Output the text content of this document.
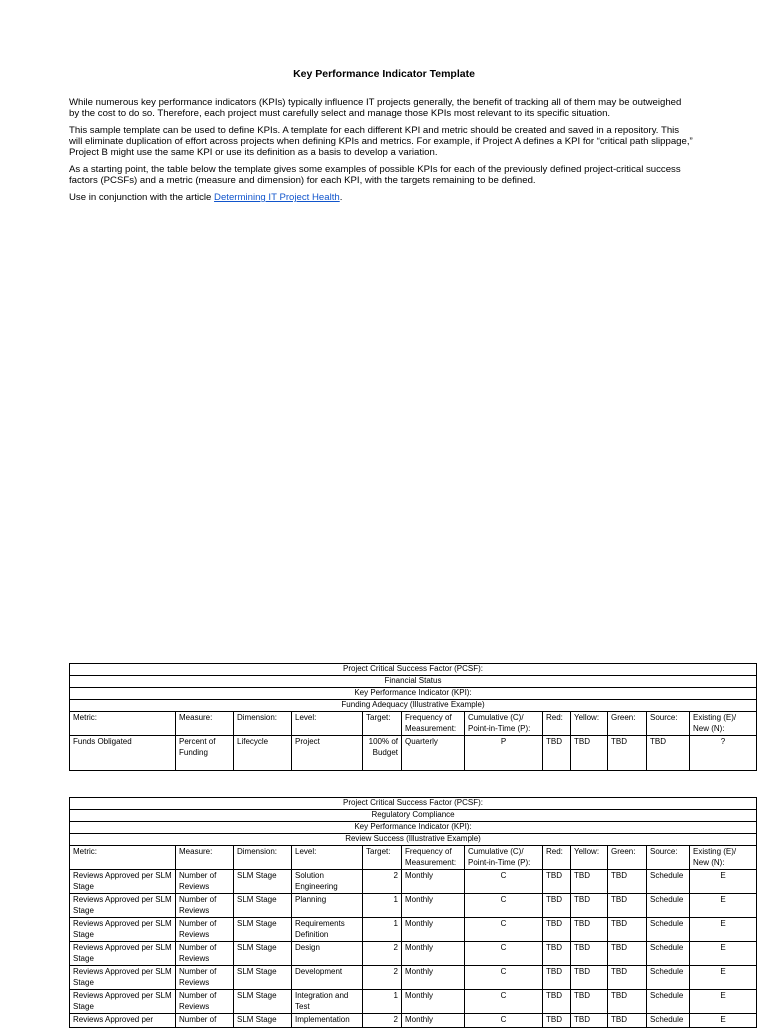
Key Performance Indicator Template

While numerous key performance indicators (KPIs) typically influence IT projects generally, the benefit of tracking all of them may be outweighed by the cost to do so. Therefore, each project must carefully select and manage those KPIs most relevant to its specific situation.

This sample template can be used to define KPIs. A template for each different KPI and metric should be created and saved in a repository. This will eliminate duplication of effort across projects when defining KPIs and metrics. For example, if Project A defines a KPI for “critical path slippage,” Project B might use the same KPI or use its definition as a basis to develop a variation.

As a starting point, the table below the template gives some examples of possible KPIs for each of the previously defined project-critical success factors (PCSFs) and a metric (measure and dimension) for each KPI, with the targets remaining to be defined.

Use in conjunction with the article Determining IT Project Health.

Project Critical Success Factor (PCSF):											
Financial Status											
Key Performance Indicator (KPI):											
Funding Adequacy (Illustrative Example)											
Metric:	Measure:	Dimension:	Level:	Target:	Frequency of Measurement:	Cumulative (C)/ Point-in-Time (P):	Red:	Yellow:	Green:	Source:	Existing (E)/ New (N):
Funds Obligated	Percent of Funding	Lifecycle	Project	100% of Budget	Quarterly	P	TBD	TBD	TBD	TBD	?
Project Critical Success Factor (PCSF):											
Regulatory Compliance											
Key Performance Indicator (KPI):											
Review Success (Illustrative Example)											
Metric:	Measure:	Dimension:	Level:	Target:	Frequency of Measurement:	Cumulative (C)/ Point-in-Time (P):	Red:	Yellow:	Green:	Source:	Existing (E)/ New (N):
Reviews Approved per SLM Stage	Number of Reviews	SLM Stage	Solution Engineering	2	Monthly	C	TBD	TBD	TBD	Schedule	E
Reviews Approved per SLM Stage	Number of Reviews	SLM Stage	Planning	1	Monthly	C	TBD	TBD	TBD	Schedule	E
Reviews Approved per SLM Stage	Number of Reviews	SLM Stage	Requirements Definition	1	Monthly	C	TBD	TBD	TBD	Schedule	E
Reviews Approved per SLM Stage	Number of Reviews	SLM Stage	Design	2	Monthly	C	TBD	TBD	TBD	Schedule	E
Reviews Approved per SLM Stage	Number of Reviews	SLM Stage	Development	2	Monthly	C	TBD	TBD	TBD	Schedule	E
Reviews Approved per SLM Stage	Number of Reviews	SLM Stage	Integration and Test	1	Monthly	C	TBD	TBD	TBD	Schedule	E
Reviews Approved per	Number of	SLM Stage	Implementation	2	Monthly	C	TBD	TBD	TBD	Schedule	E
